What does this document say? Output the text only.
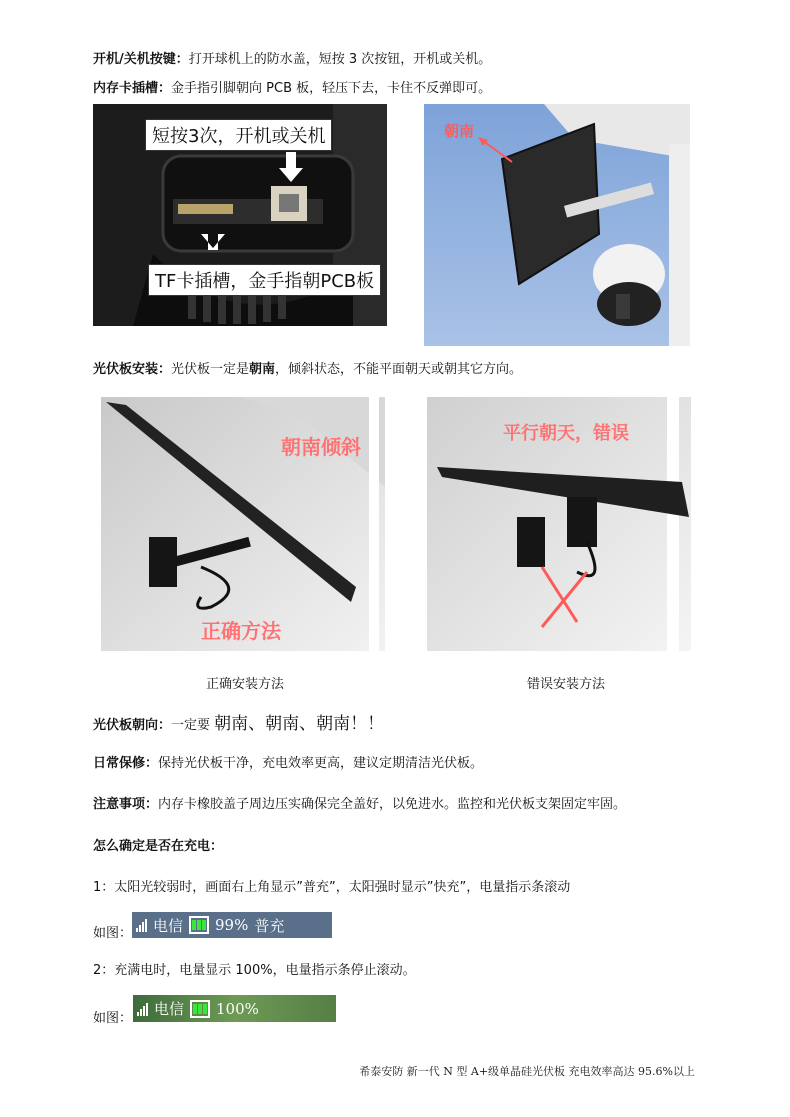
开机/关机按键：打开球机上的防水盖，短按 3 次按钮，开机或关机。
内存卡插槽：金手指引脚朝向 PCB 板，轻压下去，卡住不反弹即可。
短按3次，开机或关机
TF卡插槽，金手指朝PCB板
朝南
光伏板安装：光伏板一定是朝南，倾斜状态，不能平面朝天或朝其它方向。
朝南倾斜
正确方法
平行朝天，错误
正确安装方法	错误安装方法
光伏板朝向：一定要 朝南、朝南、朝南！！
日常保修：保持光伏板干净，充电效率更高，建议定期清洁光伏板。
注意事项：内存卡橡胶盖子周边压实确保完全盖好，以免进水。监控和光伏板支架固定牢固。
怎么确定是否在充电：
1：太阳光较弱时，画面右上角显示”普充”，太阳强时显示”快充”，电量指示条滚动
如图： 电信 99% 普充
2：充满电时，电量显示 100%，电量指示条停止滚动。
如图：
电信 100%
希泰安防 新一代 N 型 A+级单晶硅光伏板 充电效率高达 95.6%以上
